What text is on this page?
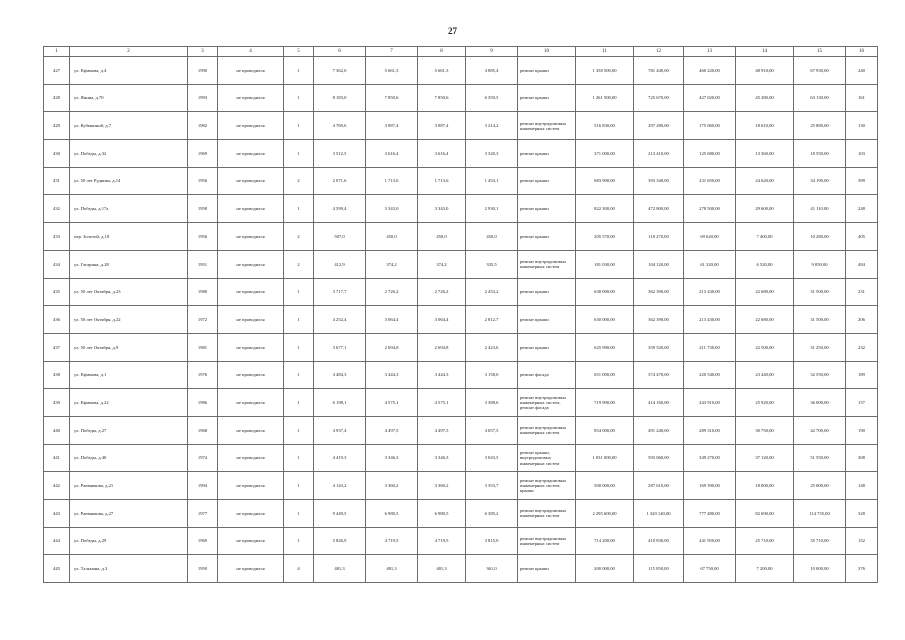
27
1	2	3	4	5	6	7	8	9	10	11	12	13	14	15	16
427	ул. Ефимова, д.4	1990	не проводился	1	7 362,0	5 661,3	5 661,3	4 885,4	ремонт крыши	1 358 500,00	781 440,00	460 220,00	48 910,00	67 930,00	240
428	ул. Янина, д.70	1993	не проводился	1	8 183,0	7 850,6	7 850,6	6 350,5	ремонт крыши	1 261 500,00	725 670,00	427 020,00	45 280,00	63 130,00	161
429	ул. Кубыкиной, д.7	1982	не проводился	1	4 769,6	3 987,4	3 987,4	3 214,2	ремонт внутридомовых инженерных систем	516 830,00	297 280,00	175 060,00	18 610,00	25 880,00	130
430	ул. Победы, д.32	1969	не проводился	1	3 512,5	3 616,4	3 616,4	3 320,3	ремонт крыши	371 000,00	213 410,00	125 680,00	13 360,00	18 550,00	103
431	ул. 50 лет Рудника, д.14	1956	не проводился	2	2 071,6	1 713,6	1 713,6	1 453,1	ремонт крыши	683 900,00	393 340,00	231 650,00	24 620,00	34 190,00	399
432	ул. Победы, д.17а	1958	не проводился	1	4 599,4	3 343,0	3 343,0	2 930,1	ремонт крыши	822 300,00	472 800,00	278 500,00	29 600,00	41 110,00	248
433	пер. Золотой, д.18	1956	не проводился	2	507,0	450,0	450,0	450,0	ремонт крыши	205 570,00	118 270,00	69 620,00	7 400,00	10 280,00	405
434	ул. Гагарина, д.28	1951	не проводился	2	412,9	374,2	374,2	335,5	ремонт внутридомовых инженерных систем	181 030,00	104 120,00	61 320,00	6 520,00	9 050,00	484
435	ул. 50 лет Октября, д.23	1980	не проводился	1	3 717,7	2 726,2	2 726,2	2 453,2	ремонт крыши	630 000,00	362 390,00	213 430,00	22 680,00	31 500,00	231
436	ул. 50 лет Октября, д.22	1972	не проводился	1	4 252,4	3 064,4	3 064,4	2 812,7	ремонт крыши	630 000,00	362 390,00	213 430,00	22 680,00	31 500,00	206
437	ул. 50 лет Октября, д.9	1981	не проводился	1	3 677,1	2 694,8	2 694,8	2 423,6	ремонт крыши	625 990,00	359 520,00	211 730,00	22 500,00	31 250,00	232
438	ул. Ефимова, д.1	1976	не проводился	1	4 484,3	3 444,3	3 444,3	3 158,0	ремонт фасада	651 000,00	374 470,00	220 540,00	23 440,00	32 550,00	189
439	ул. Ефимова, д.22	1986	не проводился	1	6 198,1	4 575,1	4 575,1	3 388,6	ремонт внутридомовых инженерных систем, ремонт фасада	719 990,00	414 160,00	243 910,00	25 920,00	36 000,00	157
440	ул. Победы, д.27	1968	не проводился	1	4 937,4	4 497,5	4 497,5	4 057,5	ремонт внутридомовых инженерных систем	854 000,00	491 240,00	289 310,00	30 750,00	42 700,00	190
441	ул. Победы, д.40	1974	не проводился	1	4 419,3	3 346,3	3 346,3	3 043,5	ремонт крыши, внутридомовых инженерных систем	1 031 000,00	593 060,00	349 270,00	37 120,00	51 550,00	308
442	ул. Раевникова, д.21	1994	не проводился	1	4 143,2	3 360,2	3 360,2	3 353,7	ремонт внутридомовых инженерных систем, крыши	500 000,00	287 610,00	169 390,00	18 000,00	25 000,00	148
443	ул. Раевникова, д.27	1977	не проводился	1	9 449,5	6 980,5	6 980,5	6 385,2	ремонт внутридомовых инженерных систем	2 295 600,00	1 320 140,00	777 480,00	82 690,00	114 735,00	328
444	ул. Победы, д.29	1969	не проводился	1	5 826,9	4 719,5	4 719,5	3 815,0	ремонт внутридомовых инженерных систем	714 200,00	410 830,00	241 950,00	25 710,00	35 710,00	152
445	ул. Тальмана, д.3	1950	не проводился	4	481,3	481,3	481,3	361,0	ремонт крыши	200 000,00	115 050,00	67 750,00	7 200,00	10 000,00	376
